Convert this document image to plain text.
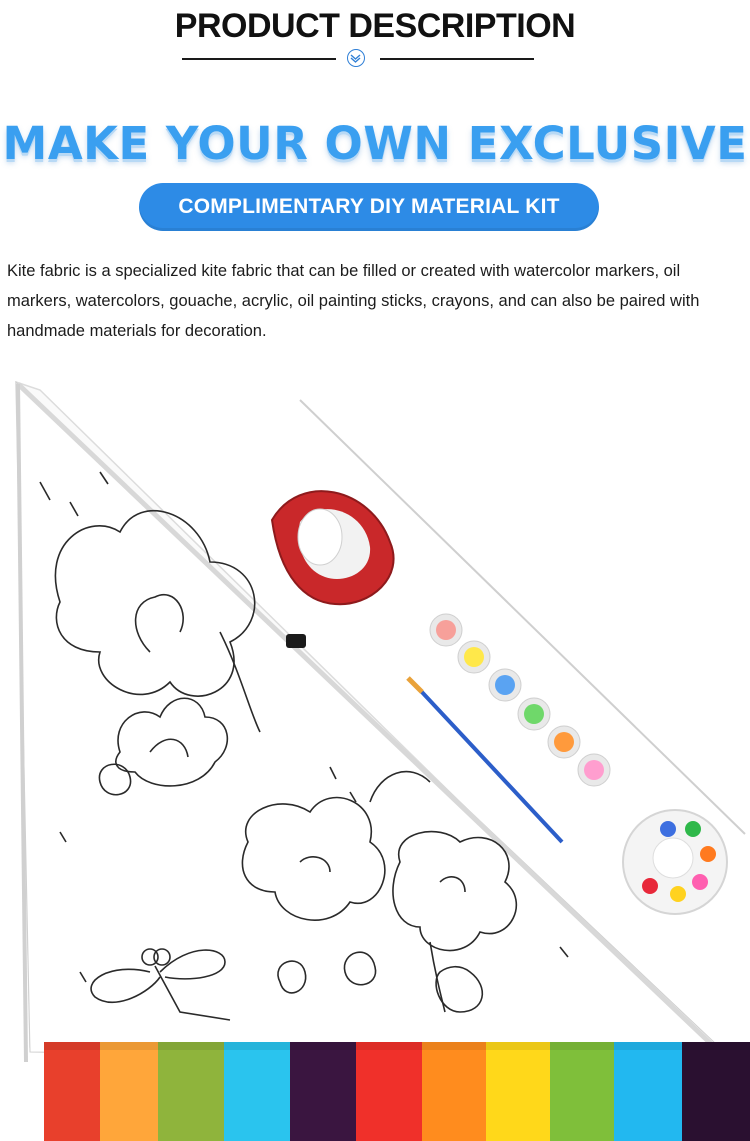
PRODUCT DESCRIPTION
MAKE YOUR OWN EXCLUSIVE
COMPLIMENTARY DIY MATERIAL KIT
Kite fabric is a specialized kite fabric that can be filled or created with watercolor markers, oil markers, watercolors, gouache, acrylic, oil painting sticks, crayons, and can also be paired with handmade materials for decoration.
